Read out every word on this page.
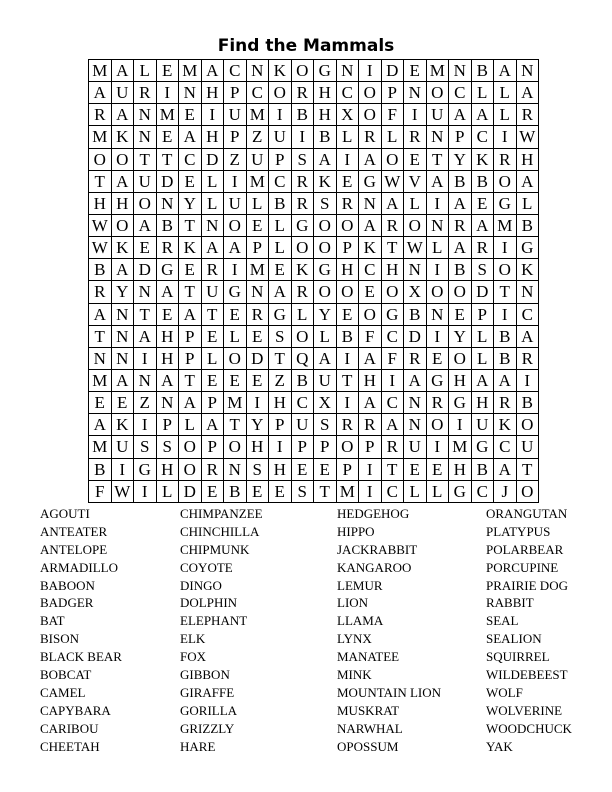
Find the Mammals
M	A	L	E	M	A	C	N	K	O	G	N	I	D	E	M	N	B	A	N
A	U	R	I	N	H	P	C	O	R	H	C	O	P	N	O	C	L	L	A
R	A	N	M	E	I	U	M	I	B	H	X	O	F	I	U	A	A	L	R
M	K	N	E	A	H	P	Z	U	I	B	L	R	L	R	N	P	C	I	W
O	O	T	T	C	D	Z	U	P	S	A	I	A	O	E	T	Y	K	R	H
T	A	U	D	E	L	I	M	C	R	K	E	G	W	V	A	B	B	O	A
H	H	O	N	Y	L	U	L	B	R	S	R	N	A	L	I	A	E	G	L
W	O	A	B	T	N	O	E	L	G	O	O	A	R	O	N	R	A	M	B
W	K	E	R	K	A	A	P	L	O	O	P	K	T	W	L	A	R	I	G
B	A	D	G	E	R	I	M	E	K	G	H	C	H	N	I	B	S	O	K
R	Y	N	A	T	U	G	N	A	R	O	O	E	O	X	O	O	D	T	N
A	N	T	E	A	T	E	R	G	L	Y	E	O	G	B	N	E	P	I	C
T	N	A	H	P	E	L	E	S	O	L	B	F	C	D	I	Y	L	B	A
N	N	I	H	P	L	O	D	T	Q	A	I	A	F	R	E	O	L	B	R
M	A	N	A	T	E	E	E	Z	B	U	T	H	I	A	G	H	A	A	I
E	E	Z	N	A	P	M	I	H	C	X	I	A	C	N	R	G	H	R	B
A	K	I	P	L	A	T	Y	P	U	S	R	R	A	N	O	I	U	K	O
M	U	S	S	O	P	O	H	I	P	P	O	P	R	U	I	M	G	C	U
B	I	G	H	O	R	N	S	H	E	E	P	I	T	E	E	H	B	A	T
F	W	I	L	D	E	B	E	E	S	T	M	I	C	L	L	G	C	J	O
AGOUTI
ANTEATER
ANTELOPE
ARMADILLO
BABOON
BADGER
BAT
BISON
BLACK BEAR
BOBCAT
CAMEL
CAPYBARA
CARIBOU
CHEETAH
CHIMPANZEE
CHINCHILLA
CHIPMUNK
COYOTE
DINGO
DOLPHIN
ELEPHANT
ELK
FOX
GIBBON
GIRAFFE
GORILLA
GRIZZLY
HARE
HEDGEHOG
HIPPO
JACKRABBIT
KANGAROO
LEMUR
LION
LLAMA
LYNX
MANATEE
MINK
MOUNTAIN LION
MUSKRAT
NARWHAL
OPOSSUM
ORANGUTAN
PLATYPUS
POLARBEAR
PORCUPINE
PRAIRIE DOG
RABBIT
SEAL
SEALION
SQUIRREL
WILDEBEEST
WOLF
WOLVERINE
WOODCHUCK
YAK
